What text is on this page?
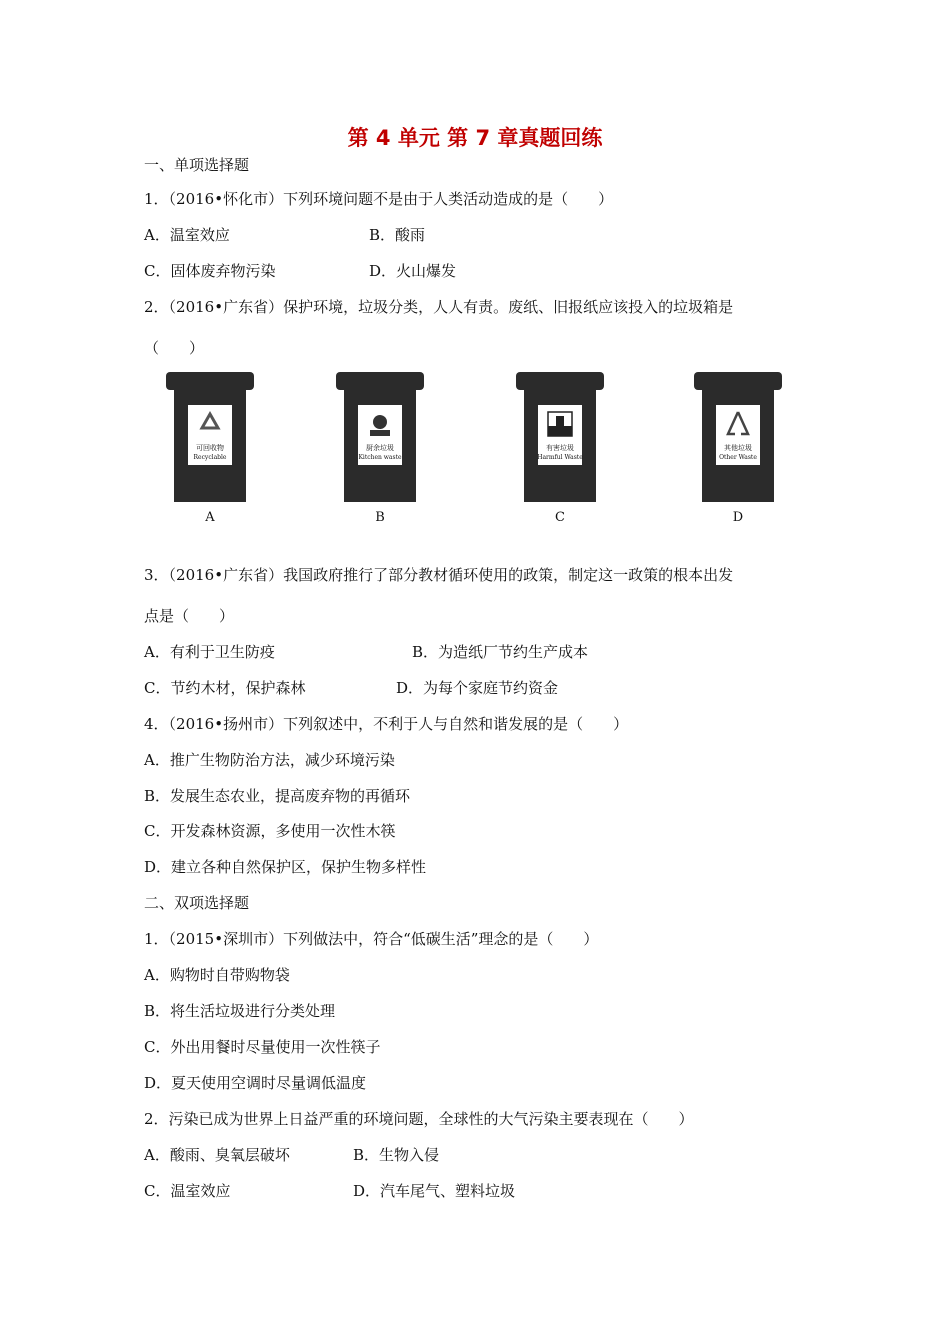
第 4 单元 第 7 章真题回练
一、单项选择题
1．（2016•怀化市）下列环境问题不是由于人类活动造成的是（　　）
A．温室效应	B．酸雨
C．固体废弃物污染	D．火山爆发
2．（2016•广东省）保护环境，垃圾分类，人人有责。废纸、旧报纸应该投入的垃圾箱是
（　　）
可回收物
Recyclable
A
厨余垃圾
Kitchen waste
B
有害垃圾
Harmful Waste
C
其他垃圾
Other Waste
D
3．（2016•广东省）我国政府推行了部分教材循环使用的政策，制定这一政策的根本出发
点是（　　）
A．有利于卫生防疫	B．为造纸厂节约生产成本
C．节约木材，保护森林	D．为每个家庭节约资金
4．（2016•扬州市）下列叙述中，不利于人与自然和谐发展的是（　　）
A．推广生物防治方法，减少环境污染
B．发展生态农业，提高废弃物的再循环
C．开发森林资源，多使用一次性木筷
D．建立各种自然保护区，保护生物多样性
二、双项选择题
1．（2015•深圳市）下列做法中，符合“低碳生活”理念的是（　　）
A．购物时自带购物袋
B．将生活垃圾进行分类处理
C．外出用餐时尽量使用一次性筷子
D．夏天使用空调时尽量调低温度
2．污染已成为世界上日益严重的环境问题，全球性的大气污染主要表现在（　　）
A．酸雨、臭氧层破坏	B．生物入侵
C．温室效应	D．汽车尾气、塑料垃圾
